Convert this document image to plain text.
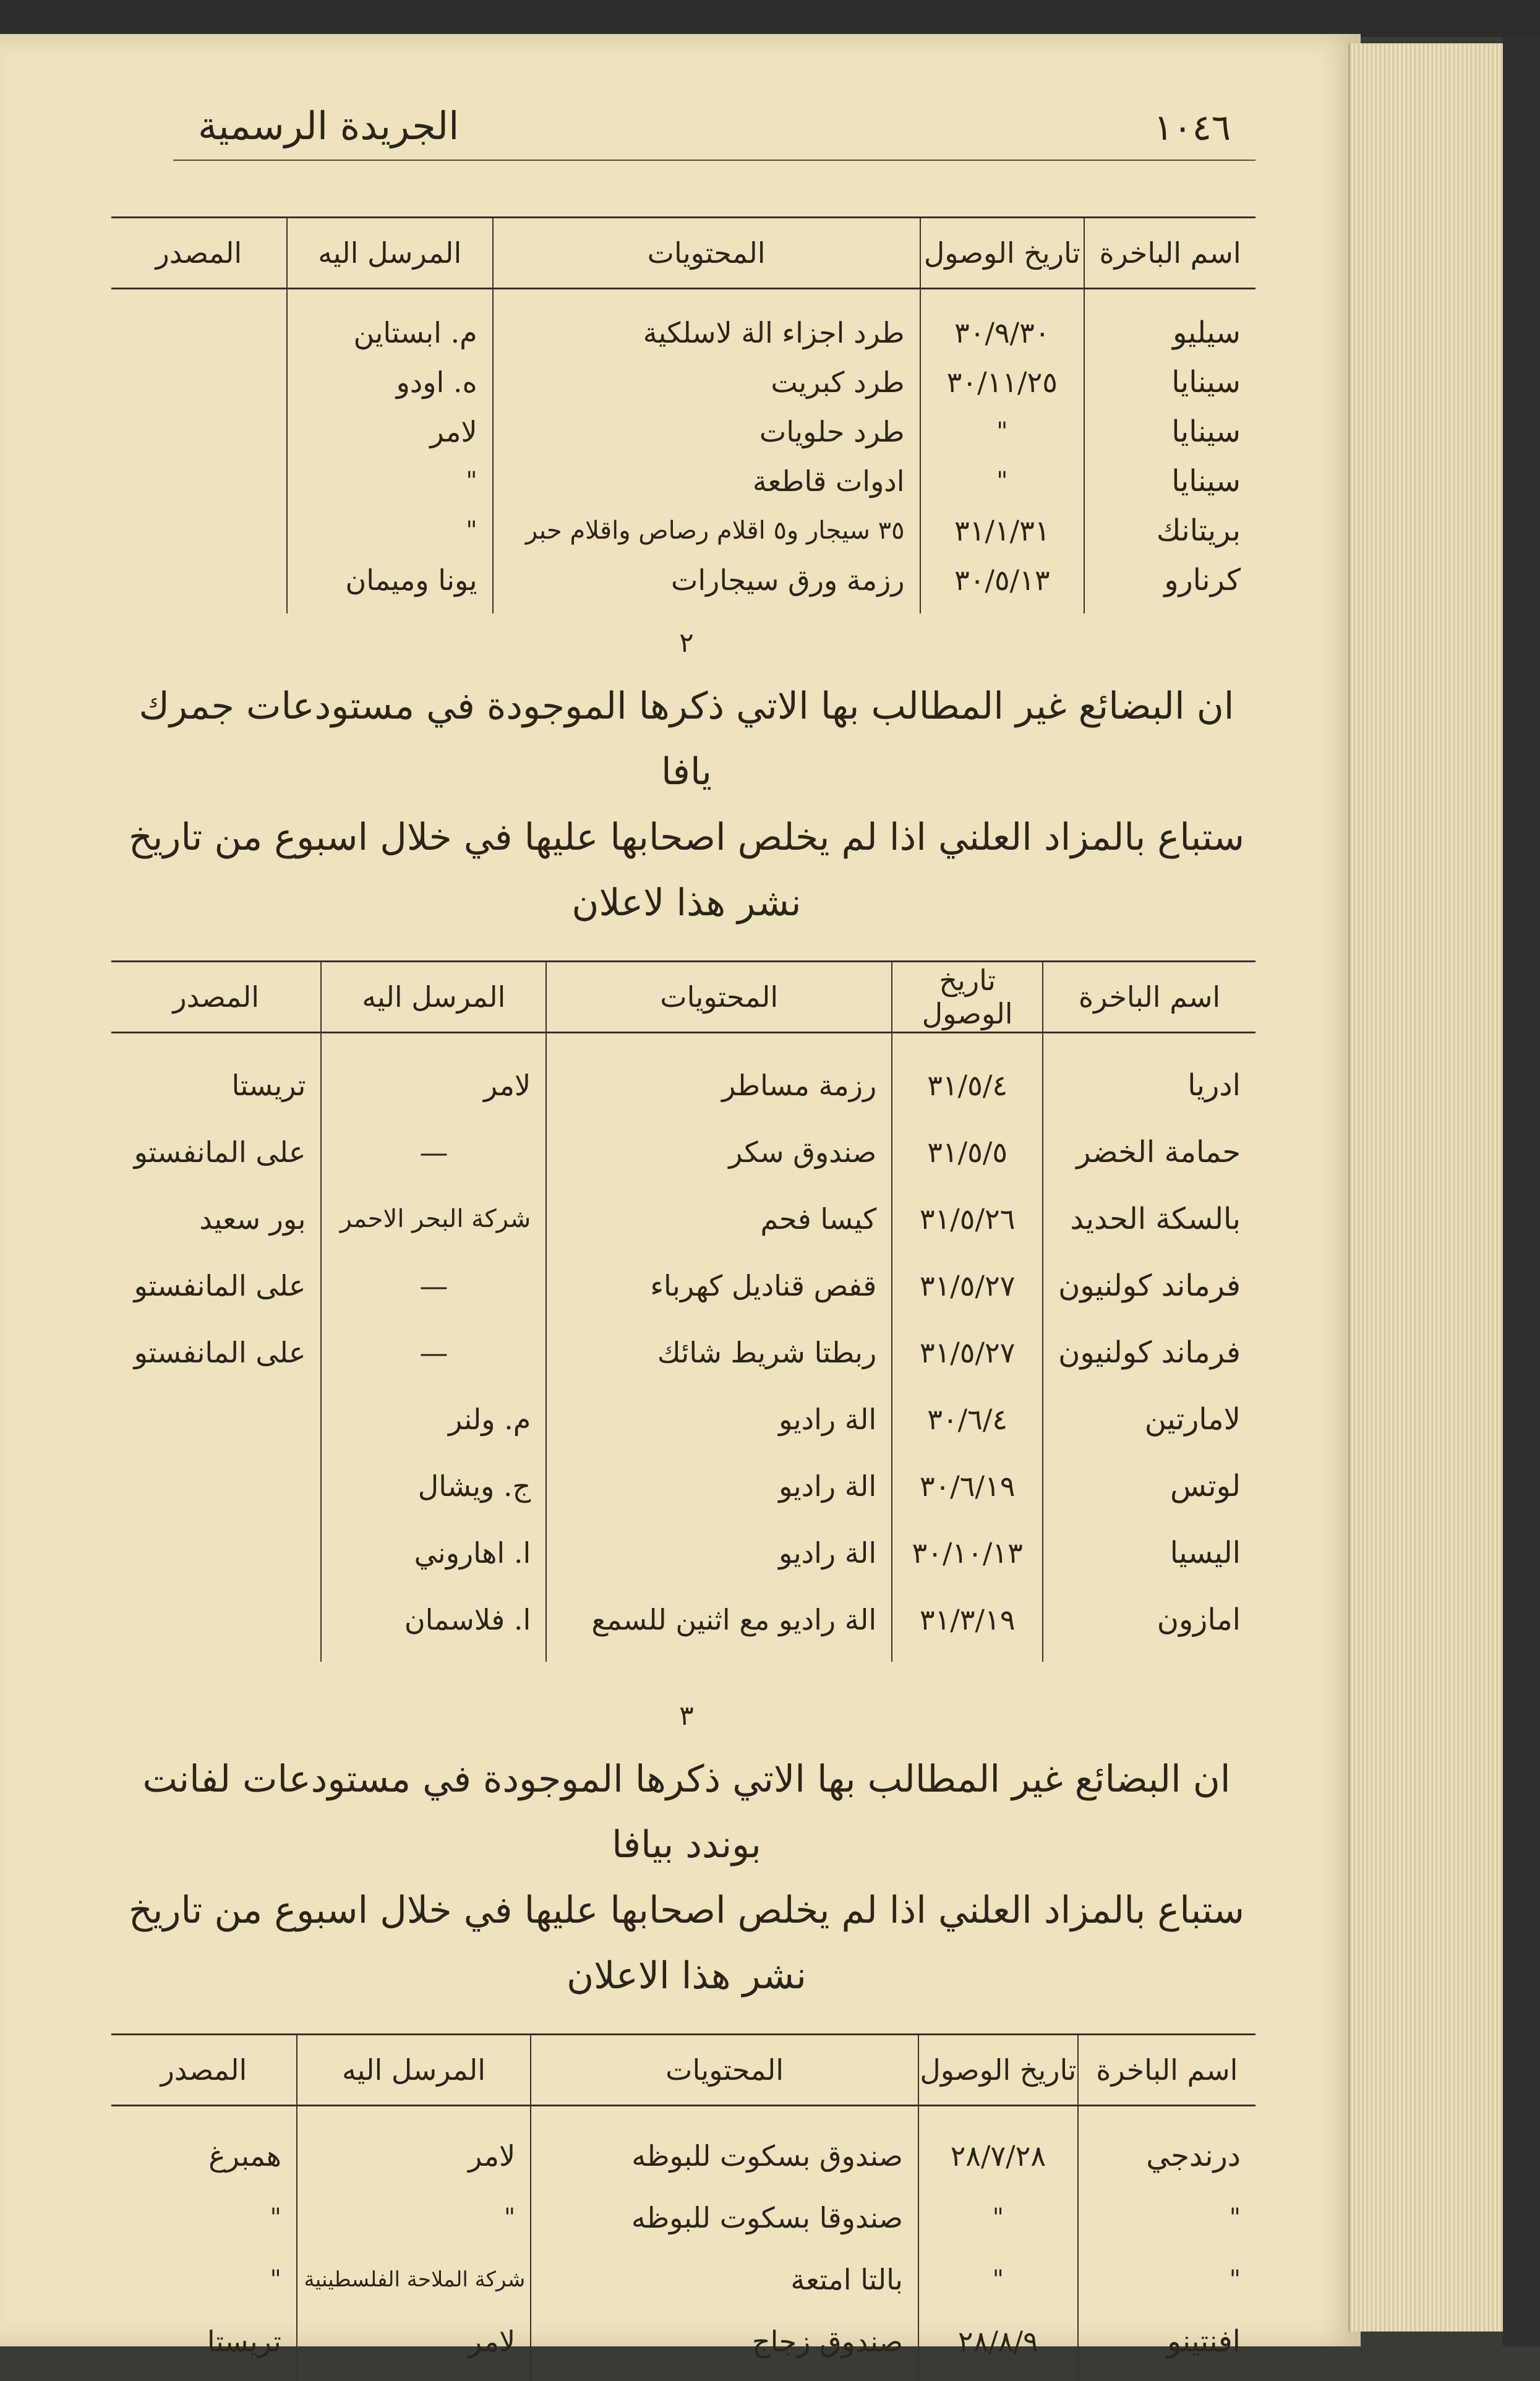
١٠٤٦
الجريدة الرسمية
اسم الباخرة	تاريخ الوصول	المحتويات	المرسل اليه	المصدر
سيليو	٣٠/٩/٣٠	طرد اجزاء الة لاسلكية	م. ابستاين	
سينايا	٣٠/١١/٢٥	طرد كبريت	ه. اودو	
سينايا	"	طرد حلويات	لامر	
سينايا	"	ادوات قاطعة	"	
بريتانك	٣١/١/٣١	٣٥ سيجار و٥ اقلام رصاص واقلام حبر	"	
كرنارو	٣٠/٥/١٣	رزمة ورق سيجارات	يونا وميمان	
٢
ان البضائع غير المطالب بها الاتي ذكرها الموجودة في مستودعات جمرك يافا
ستباع بالمزاد العلني اذا لم يخلص اصحابها عليها في خلال اسبوع من تاريخ نشر هذا لاعلان
اسم الباخرة	تاريخ الوصول	المحتويات	المرسل اليه	المصدر
ادريا	٣١/٥/٤	رزمة مساطر	لامر	تريستا
حمامة الخضر	٣١/٥/٥	صندوق سكر	—	على المانفستو
بالسكة الحديد	٣١/٥/٢٦	كيسا فحم	شركة البحر الاحمر	بور سعيد
فرماند كولنيون	٣١/٥/٢٧	قفص قناديل كهرباء	—	على المانفستو
فرماند كولنيون	٣١/٥/٢٧	ربطتا شريط شائك	—	على المانفستو
لامارتين	٣٠/٦/٤	الة راديو	م. ولنر	
لوتس	٣٠/٦/١٩	الة راديو	ج. ويشال	
اليسيا	٣٠/١٠/١٣	الة راديو	ا. اهاروني	
امازون	٣١/٣/١٩	الة راديو مع اثنين للسمع	ا. فلاسمان	
٣
ان البضائع غير المطالب بها الاتي ذكرها الموجودة في مستودعات لفانت بوندد بيافا
ستباع بالمزاد العلني اذا لم يخلص اصحابها عليها في خلال اسبوع من تاريخ نشر هذا الاعلان
اسم الباخرة	تاريخ الوصول	المحتويات	المرسل اليه	المصدر
درندجي	٢٨/٧/٢٨	صندوق بسكوت للبوظه	لامر	همبرغ
"	"	صندوقا بسكوت للبوظه	"	"
"	"	بالتا امتعة	شركة الملاحة الفلسطينية	"
افنتينو	٢٨/٨/٩	صندوق زجاج	لامر	تريستا
